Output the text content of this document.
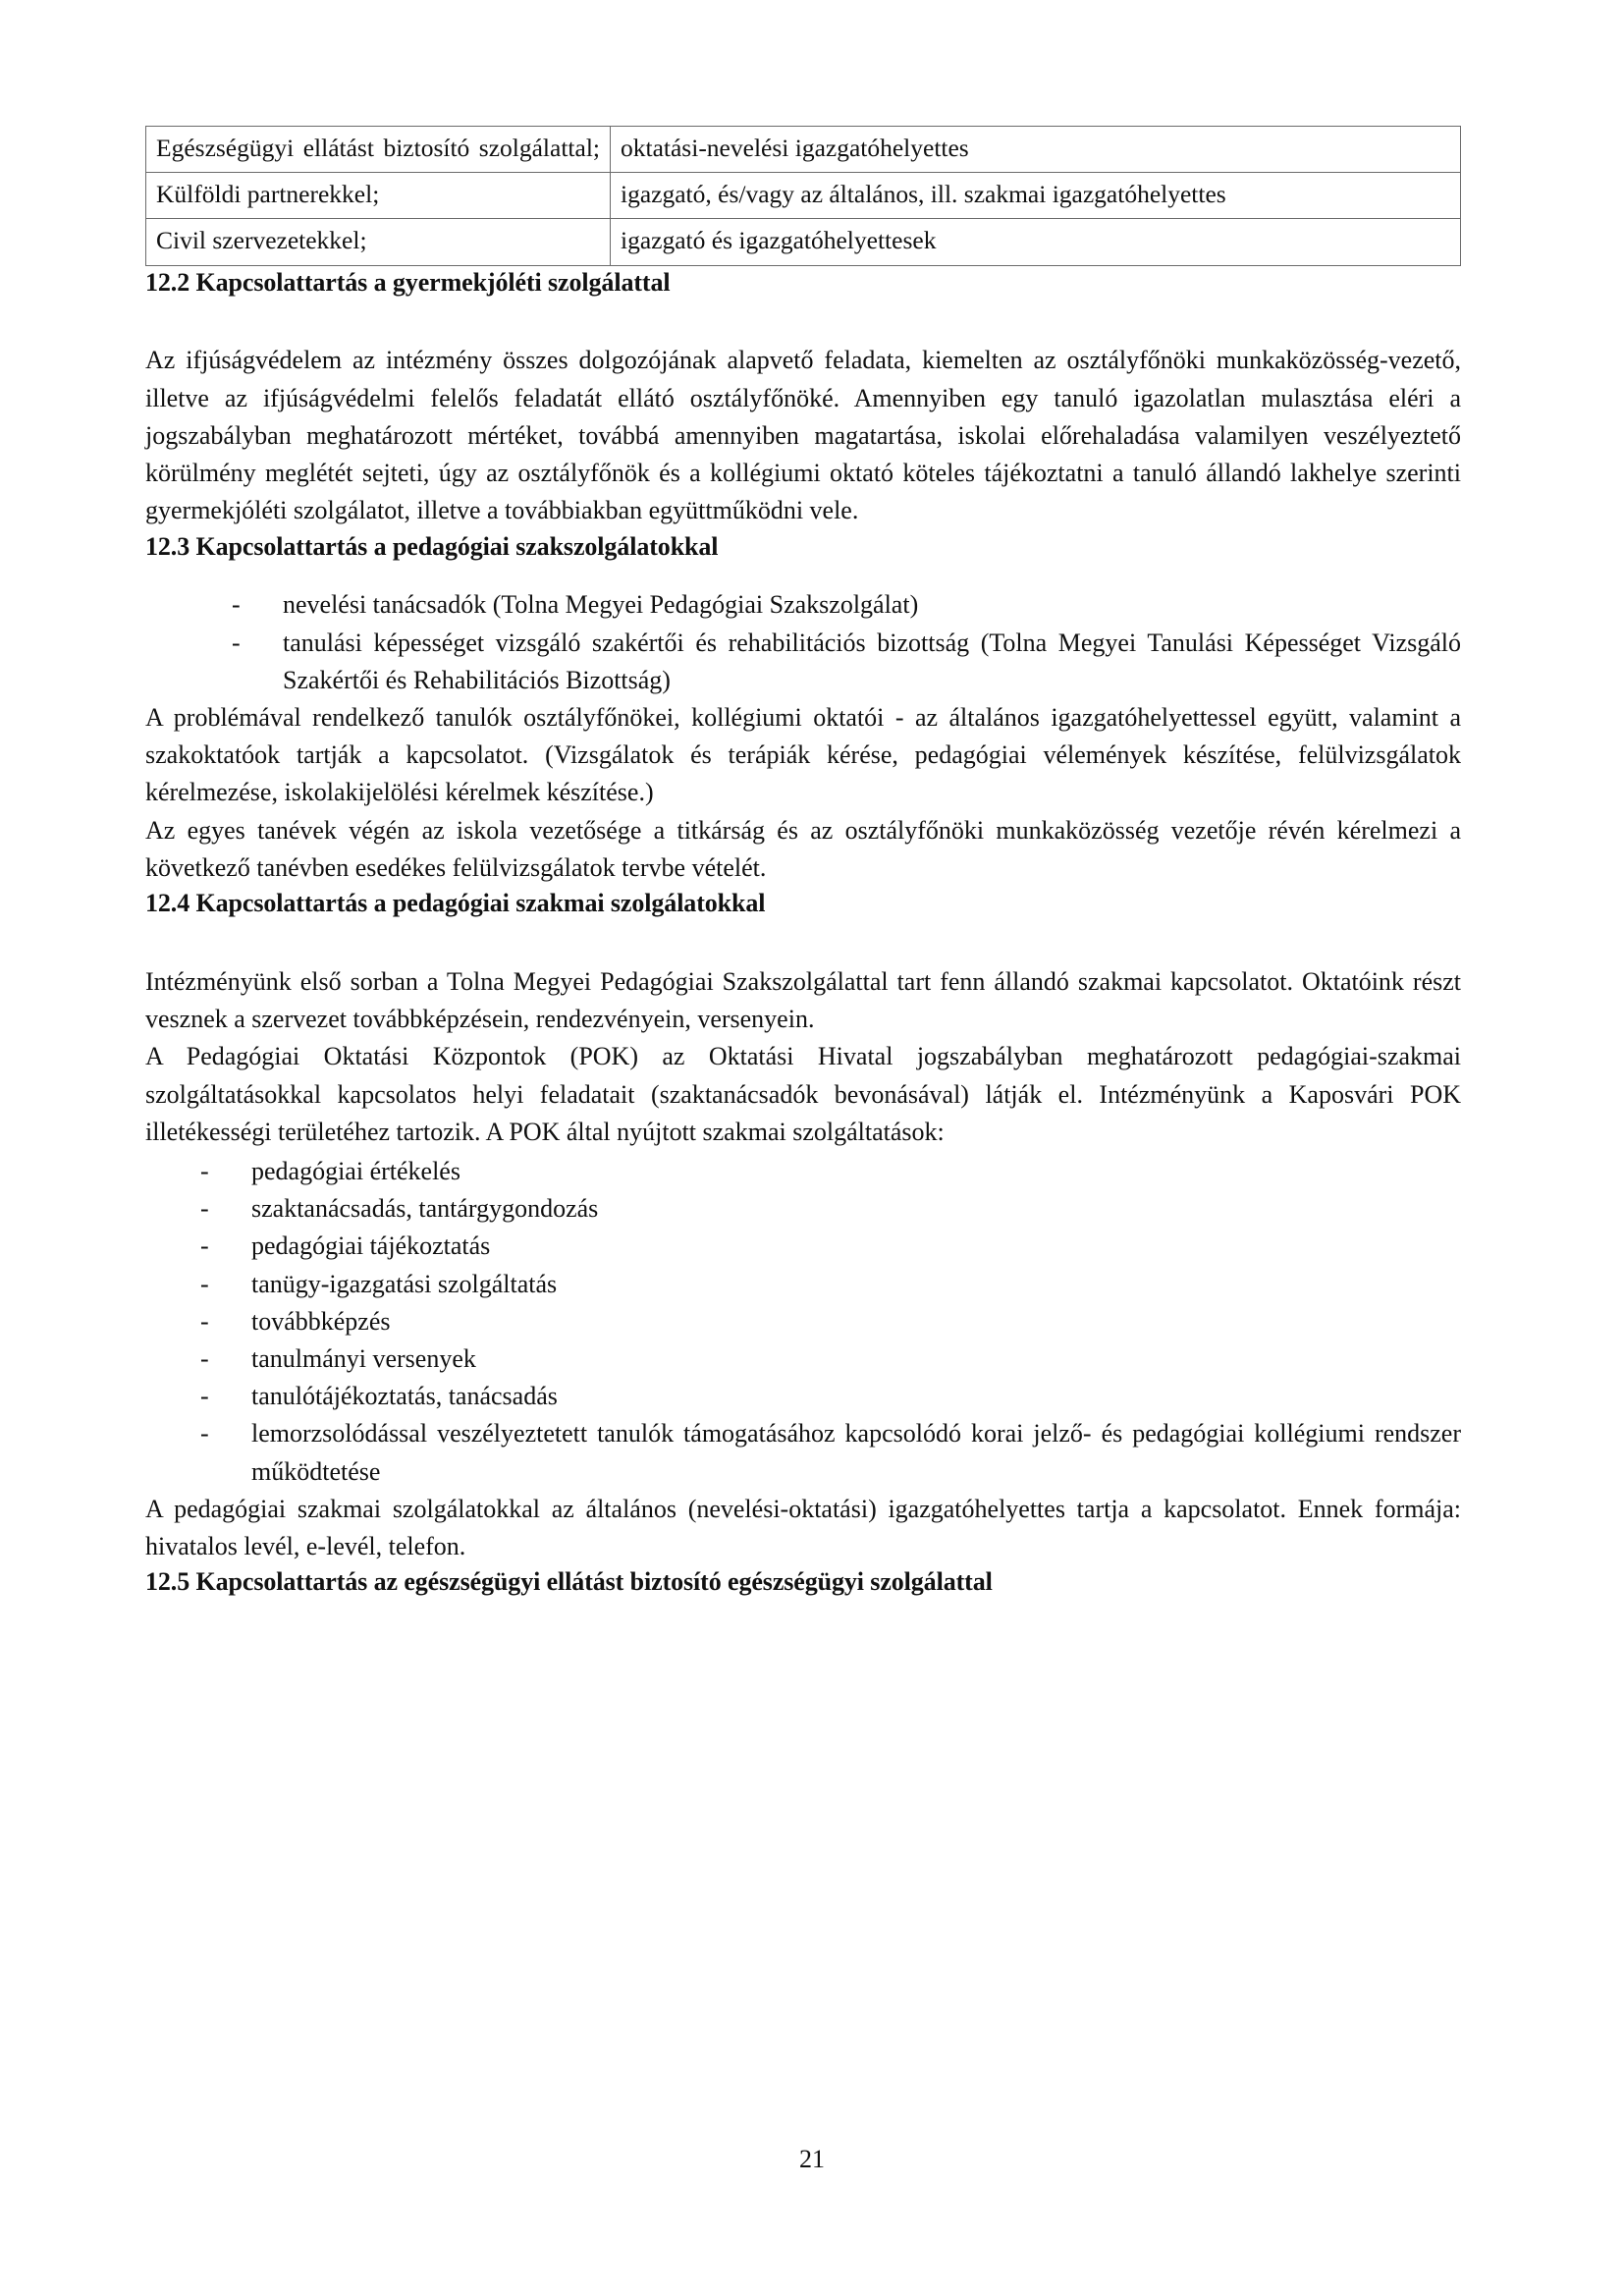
Egészségügyi ellátást biztosító szolgálattal;	oktatási-nevelési igazgatóhelyettes
Külföldi partnerekkel;	igazgató, és/vagy az általános, ill. szakmai igazgatóhelyettes
Civil szervezetekkel;	igazgató és igazgatóhelyettesek
12.2 Kapcsolattartás a gyermekjóléti szolgálattal

Az ifjúságvédelem az intézmény összes dolgozójának alapvető feladata, kiemelten az osztályfőnöki munkaközösség-vezető, illetve az ifjúságvédelmi felelős feladatát ellátó osztályfőnöké. Amennyiben egy tanuló igazolatlan mulasztása eléri a jogszabályban meghatározott mértéket, továbbá amennyiben magatartása, iskolai előrehaladása valamilyen veszélyeztető körülmény meglétét sejteti, úgy az osztályfőnök és a kollégiumi oktató köteles tájékoztatni a tanuló állandó lakhelye szerinti gyermekjóléti szolgálatot, illetve a továbbiakban együttműködni vele.

12.3 Kapcsolattartás a pedagógiai szakszolgálatokkal
- nevelési tanácsadók (Tolna Megyei Pedagógiai Szakszolgálat)
- tanulási képességet vizsgáló szakértői és rehabilitációs bizottság (Tolna Megyei Tanulási Képességet Vizsgáló Szakértői és Rehabilitációs Bizottság)

A problémával rendelkező tanulók osztályfőnökei, kollégiumi oktatói - az általános igazgatóhelyettessel együtt, valamint a szakoktatóok tartják a kapcsolatot. (Vizsgálatok és terápiák kérése, pedagógiai vélemények készítése, felülvizsgálatok kérelmezése, iskolakijelölési kérelmek készítése.)

Az egyes tanévek végén az iskola vezetősége a titkárság és az osztályfőnöki munkaközösség vezetője révén kérelmezi a következő tanévben esedékes felülvizsgálatok tervbe vételét.

12.4 Kapcsolattartás a pedagógiai szakmai szolgálatokkal

Intézményünk első sorban a Tolna Megyei Pedagógiai Szakszolgálattal tart fenn állandó szakmai kapcsolatot. Oktatóink részt vesznek a szervezet továbbképzésein, rendezvényein, versenyein.

A Pedagógiai Oktatási Központok (POK) az Oktatási Hivatal jogszabályban meghatározott pedagógiai-szakmai szolgáltatásokkal kapcsolatos helyi feladatait (szaktanácsadók bevonásával) látják el. Intézményünk a Kaposvári POK illetékességi területéhez tartozik. A POK által nyújtott szakmai szolgáltatások:

- pedagógiai értékelés
- szaktanácsadás, tantárgygondozás
- pedagógiai tájékoztatás
- tanügy-igazgatási szolgáltatás
- továbbképzés
- tanulmányi versenyek
- tanulótájékoztatás, tanácsadás
- lemorzsolódással veszélyeztetett tanulók támogatásához kapcsolódó korai jelző- és pedagógiai kollégiumi rendszer működtetése

A pedagógiai szakmai szolgálatokkal az általános (nevelési-oktatási) igazgatóhelyettes tartja a kapcsolatot. Ennek formája: hivatalos levél, e-levél, telefon.

12.5 Kapcsolattartás az egészségügyi ellátást biztosító egészségügyi szolgálattal
21
